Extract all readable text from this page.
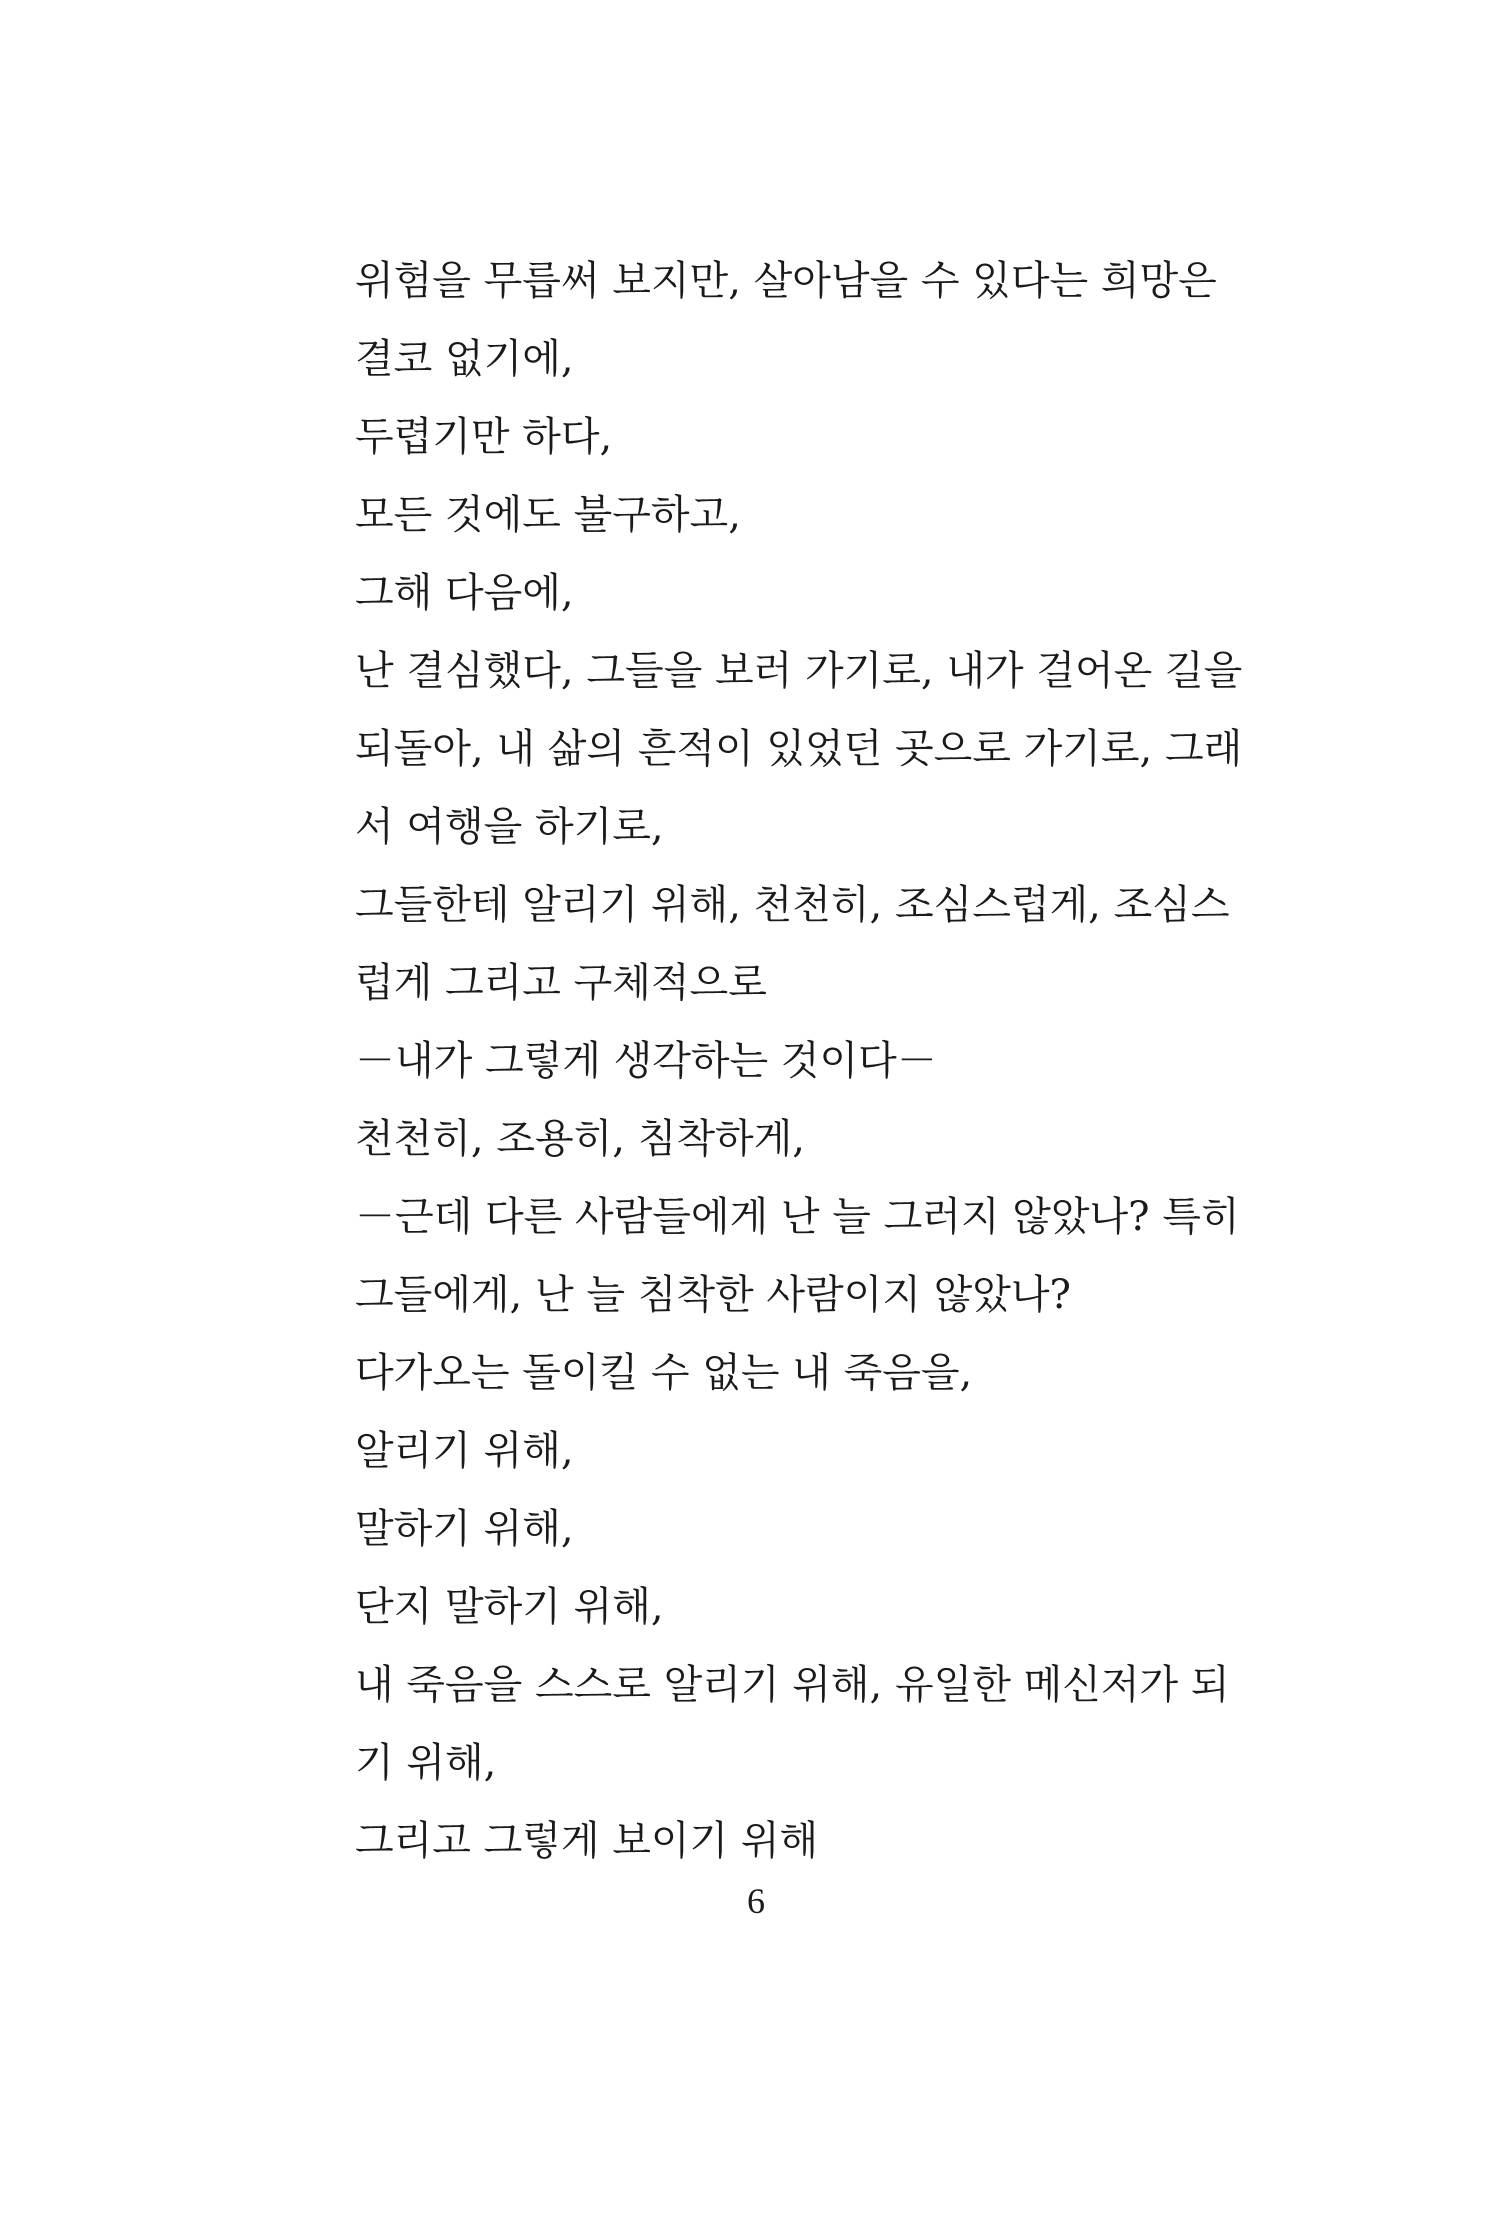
위험을 무릅써 보지만, 살아남을 수 있다는 희망은
결코 없기에,
두렵기만 하다,
모든 것에도 불구하고,
그해 다음에,
난 결심했다, 그들을 보러 가기로, 내가 걸어온 길을
되돌아, 내 삶의 흔적이 있었던 곳으로 가기로, 그래
서 여행을 하기로,
그들한테 알리기 위해, 천천히, 조심스럽게, 조심스
럽게 그리고 구체적으로
－내가 그렇게 생각하는 것이다－
천천히, 조용히, 침착하게,
－근데 다른 사람들에게 난 늘 그러지 않았나? 특히
그들에게, 난 늘 침착한 사람이지 않았나?
다가오는 돌이킬 수 없는 내 죽음을,
알리기 위해,
말하기 위해,
단지 말하기 위해,
내 죽음을 스스로 알리기 위해, 유일한 메신저가 되
기 위해,
그리고 그렇게 보이기 위해
6
